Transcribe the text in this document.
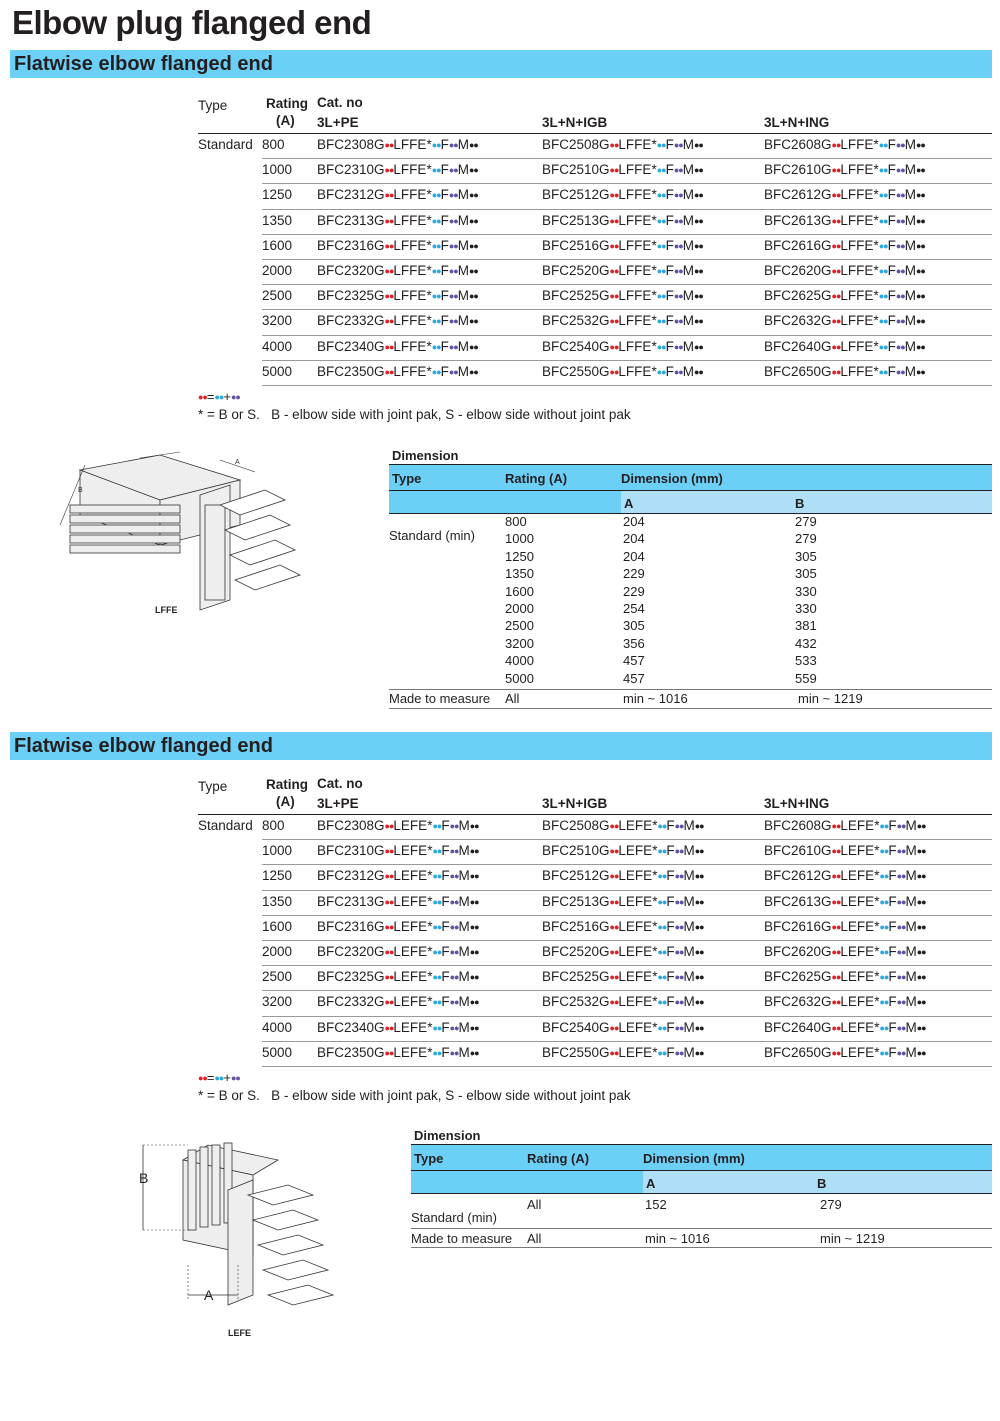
Elbow plug flanged end
Flatwise elbow flanged end
Type	Rating
(A)
Cat. no
3L+PE	3L+N+IGB	3L+N+ING
Standard 800 BFC2308G●●LFFE*●●F●●M●●	BFC2508G●●LFFE*●●F●●M●●	BFC2608G●●LFFE*●●F●●M●●
1000 BFC2310G●●LFFE*●●F●●M●●	BFC2510G●●LFFE*●●F●●M●●	BFC2610G●●LFFE*●●F●●M●●
1250 BFC2312G●●LFFE*●●F●●M●●	BFC2512G●●LFFE*●●F●●M●●	BFC2612G●●LFFE*●●F●●M●●
1350 BFC2313G●●LFFE*●●F●●M●●	BFC2513G●●LFFE*●●F●●M●●	BFC2613G●●LFFE*●●F●●M●●
1600 BFC2316G●●LFFE*●●F●●M●●	BFC2516G●●LFFE*●●F●●M●●	BFC2616G●●LFFE*●●F●●M●●
2000 BFC2320G●●LFFE*●●F●●M●●	BFC2520G●●LFFE*●●F●●M●●	BFC2620G●●LFFE*●●F●●M●●
2500 BFC2325G●●LFFE*●●F●●M●●	BFC2525G●●LFFE*●●F●●M●●	BFC2625G●●LFFE*●●F●●M●●
3200 BFC2332G●●LFFE*●●F●●M●●	BFC2532G●●LFFE*●●F●●M●●	BFC2632G●●LFFE*●●F●●M●●
4000 BFC2340G●●LFFE*●●F●●M●●	BFC2540G●●LFFE*●●F●●M●●	BFC2640G●●LFFE*●●F●●M●●
5000 BFC2350G●●LFFE*●●F●●M●●	BFC2550G●●LFFE*●●F●●M●●	BFC2650G●●LFFE*●●F●●M●●
●●=●●+●●
* = B or S.   B - elbow side with joint pak, S - elbow side without joint pak
B
A
LFFE
Dimension
Type	Rating (A)	Dimension (mm)
A	B
Standard (min)
800	204	279
1000	204	279
1250	204	305
1350	229	305
1600	229	330
2000	254	330
2500	305	381
3200	356	432
4000	457	533
5000	457	559
Made to measure All	min ~ 1016	min ~ 1219
Flatwise elbow flanged end
Type	Rating
(A)
Cat. no
3L+PE	3L+N+IGB	3L+N+ING
Standard 800 BFC2308G●●LEFE*●●F●●M●●	BFC2508G●●LEFE*●●F●●M●●	BFC2608G●●LEFE*●●F●●M●●
1000 BFC2310G●●LEFE*●●F●●M●●	BFC2510G●●LEFE*●●F●●M●●	BFC2610G●●LEFE*●●F●●M●●
1250 BFC2312G●●LEFE*●●F●●M●●	BFC2512G●●LEFE*●●F●●M●●	BFC2612G●●LEFE*●●F●●M●●
1350 BFC2313G●●LEFE*●●F●●M●●	BFC2513G●●LEFE*●●F●●M●●	BFC2613G●●LEFE*●●F●●M●●
1600 BFC2316G●●LEFE*●●F●●M●●	BFC2516G●●LEFE*●●F●●M●●	BFC2616G●●LEFE*●●F●●M●●
2000 BFC2320G●●LEFE*●●F●●M●●	BFC2520G●●LEFE*●●F●●M●●	BFC2620G●●LEFE*●●F●●M●●
2500 BFC2325G●●LEFE*●●F●●M●●	BFC2525G●●LEFE*●●F●●M●●	BFC2625G●●LEFE*●●F●●M●●
3200 BFC2332G●●LEFE*●●F●●M●●	BFC2532G●●LEFE*●●F●●M●●	BFC2632G●●LEFE*●●F●●M●●
4000 BFC2340G●●LEFE*●●F●●M●●	BFC2540G●●LEFE*●●F●●M●●	BFC2640G●●LEFE*●●F●●M●●
5000 BFC2350G●●LEFE*●●F●●M●●	BFC2550G●●LEFE*●●F●●M●●	BFC2650G●●LEFE*●●F●●M●●
●●=●●+●●
* = B or S.   B - elbow side with joint pak, S - elbow side without joint pak
B
A
LEFE
Dimension
Type	Rating (A)	Dimension (mm)
A	B
Standard (min)
All	152	279
Made to measure All	min ~ 1016	min ~ 1219
